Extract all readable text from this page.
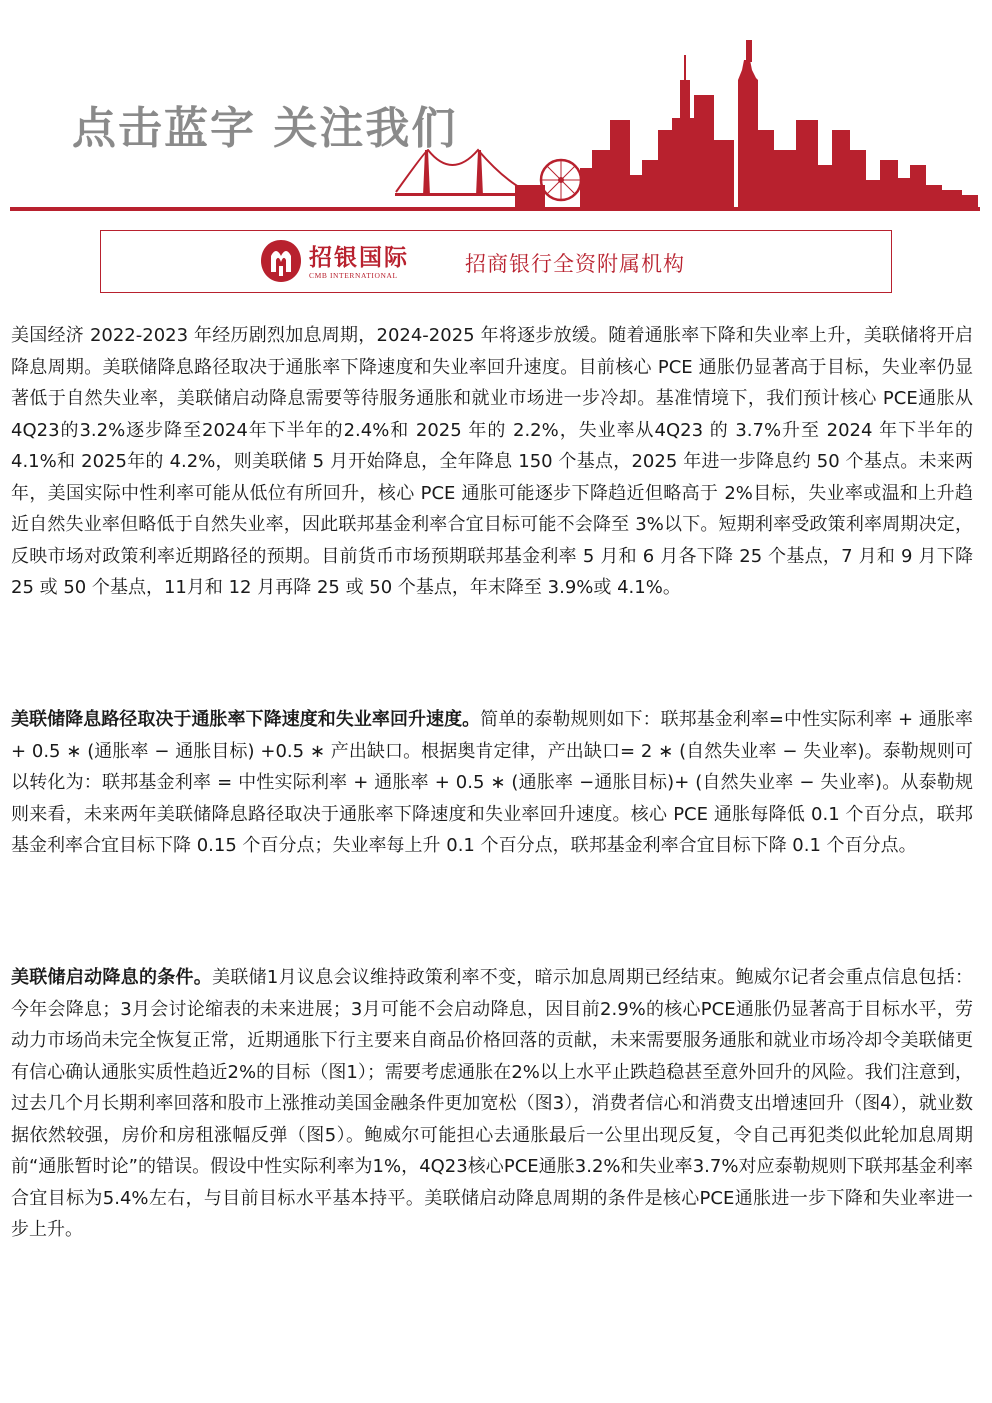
点击蓝字 关注我们
招银国际
CMB INTERNATIONAL	招商银行全资附属机构

美国经济 2022-2023 年经历剧烈加息周期，2024-2025 年将逐步放缓。随着通胀率下降和失业率上升，美联储将开启降息周期。美联储降息路径取决于通胀率下降速度和失业率回升速度。目前核心 PCE 通胀仍显著高于目标，失业率仍显著低于自然失业率，美联储启动降息需要等待服务通胀和就业市场进一步冷却。基准情境下，我们预计核心 PCE通胀从 4Q23的3.2%逐步降至2024年下半年的2.4%和 2025 年的 2.2%，失业率从4Q23 的 3.7%升至 2024 年下半年的 4.1%和 2025年的 4.2%，则美联储 5 月开始降息，全年降息 150 个基点，2025 年进一步降息约 50 个基点。未来两年，美国实际中性利率可能从低位有所回升，核心 PCE 通胀可能逐步下降趋近但略高于 2%目标，失业率或温和上升趋近自然失业率但略低于自然失业率，因此联邦基金利率合宜目标可能不会降至 3%以下。短期利率受政策利率周期决定，反映市场对政策利率近期路径的预期。目前货币市场预期联邦基金利率 5 月和 6 月各下降 25 个基点，7 月和 9 月下降 25 或 50 个基点，11月和 12 月再降 25 或 50 个基点，年末降至 3.9%或 4.1%。

美联储降息路径取决于通胀率下降速度和失业率回升速度。简单的泰勒规则如下：联邦基金利率=中性实际利率 + 通胀率 + 0.5 ∗ (通胀率 − 通胀目标) +0.5 ∗ 产出缺口。根据奥肯定律，产出缺口= 2 ∗ (自然失业率 − 失业率)。泰勒规则可以转化为：联邦基金利率 = 中性实际利率 + 通胀率 + 0.5 ∗ (通胀率 −通胀目标)+ (自然失业率 − 失业率)。从泰勒规则来看，未来两年美联储降息路径取决于通胀率下降速度和失业率回升速度。核心 PCE 通胀每降低 0.1 个百分点，联邦基金利率合宜目标下降 0.15 个百分点；失业率每上升 0.1 个百分点，联邦基金利率合宜目标下降 0.1 个百分点。

美联储启动降息的条件。美联储1月议息会议维持政策利率不变，暗示加息周期已经结束。鲍威尔记者会重点信息包括：今年会降息；3月会讨论缩表的未来进展；3月可能不会启动降息，因目前2.9%的核心PCE通胀仍显著高于目标水平，劳动力市场尚未完全恢复正常，近期通胀下行主要来自商品价格回落的贡献，未来需要服务通胀和就业市场冷却令美联储更有信心确认通胀实质性趋近2%的目标（图1）；需要考虑通胀在2%以上水平止跌趋稳甚至意外回升的风险。我们注意到，过去几个月长期利率回落和股市上涨推动美国金融条件更加宽松（图3），消费者信心和消费支出增速回升（图4），就业数据依然较强，房价和房租涨幅反弹（图5）。鲍威尔可能担心去通胀最后一公里出现反复，令自己再犯类似此轮加息周期前“通胀暂时论”的错误。假设中性实际利率为1%，4Q23核心PCE通胀3.2%和失业率3.7%对应泰勒规则下联邦基金利率合宜目标为5.4%左右，与目前目标水平基本持平。美联储启动降息周期的条件是核心PCE通胀进一步下降和失业率进一步上升。
